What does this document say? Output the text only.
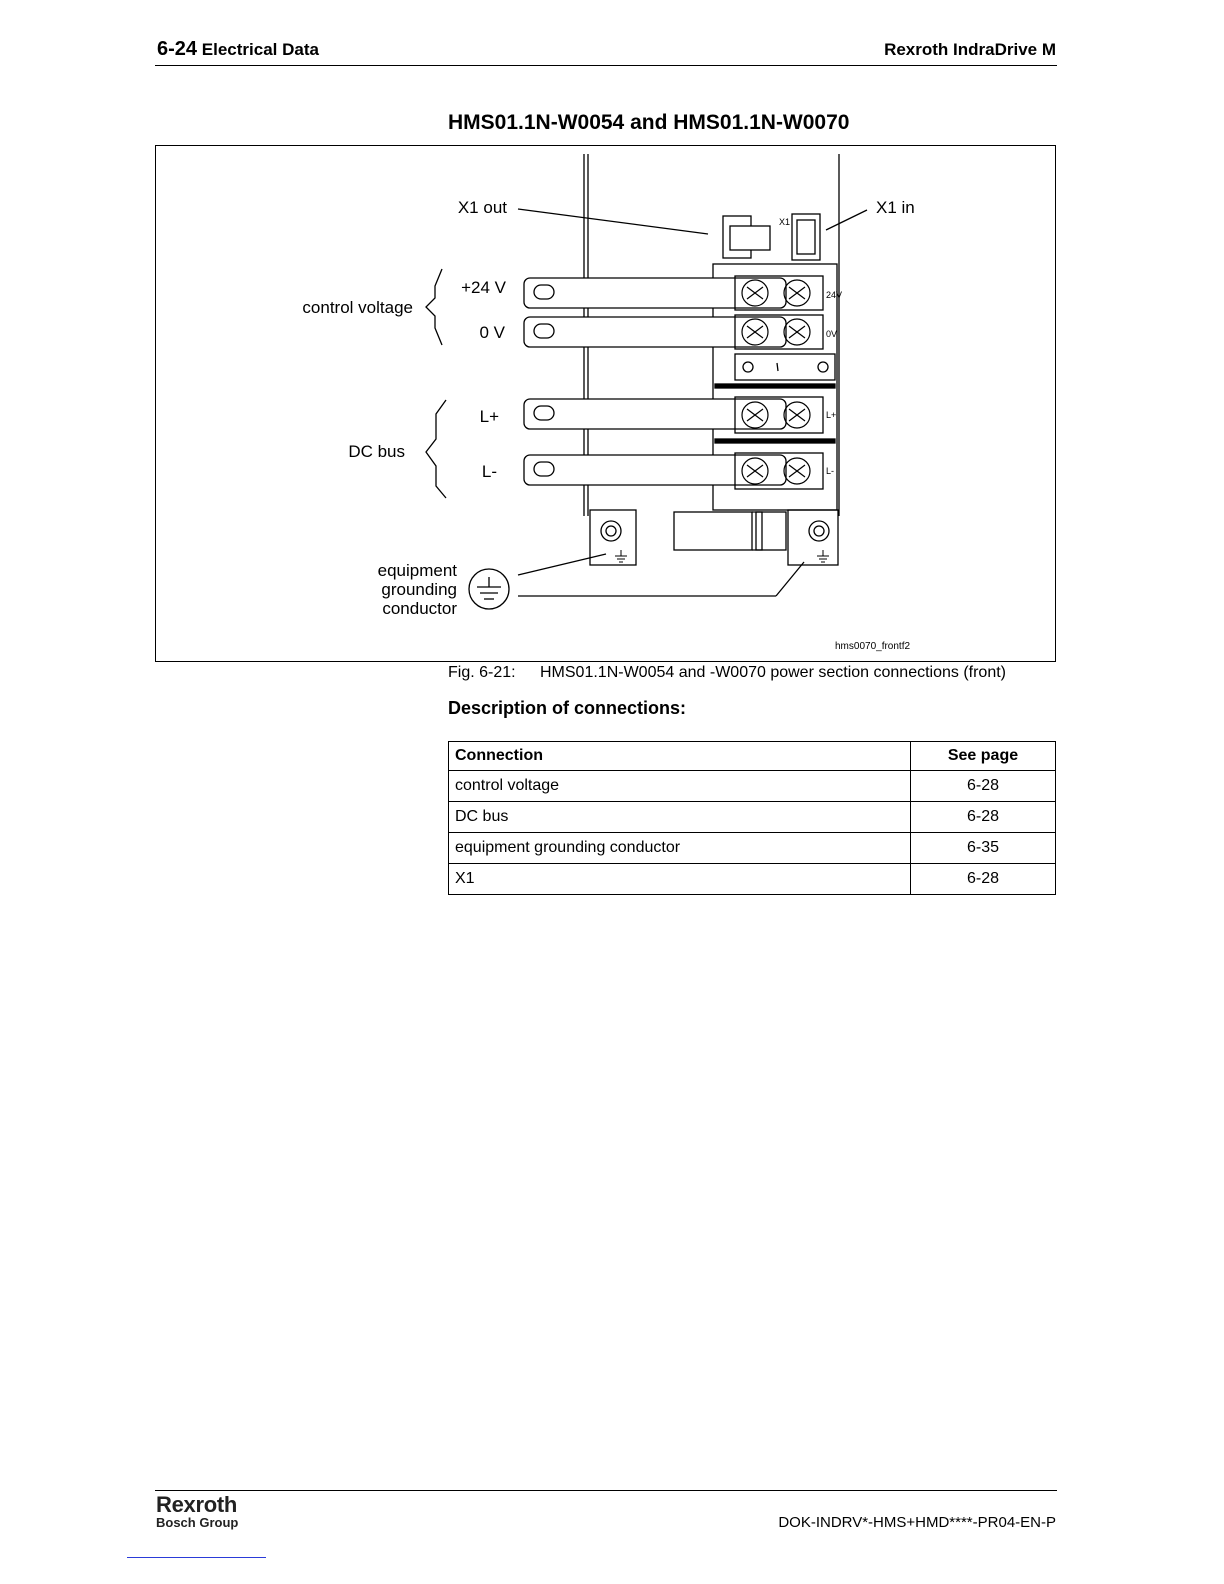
6-24 Electrical Data	Rexroth IndraDrive M
HMS01.1N-W0054 and HMS01.1N-W0070
X1
24V
0V
L+
L-
X1 out	X1 in
control voltage
+24 V
0 V
DC bus
L+
L-
equipment
grounding
conductor
hms0070_frontf2
Fig. 6-21: HMS01.1N-W0054 and -W0070 power section connections (front)
Description of connections:
Connection	See page
control voltage	6-28
DC bus	6-28
equipment grounding conductor	6-35
X1	6-28
Rexroth
Bosch Group	DOK-INDRV*-HMS+HMD****-PR04-EN-P
